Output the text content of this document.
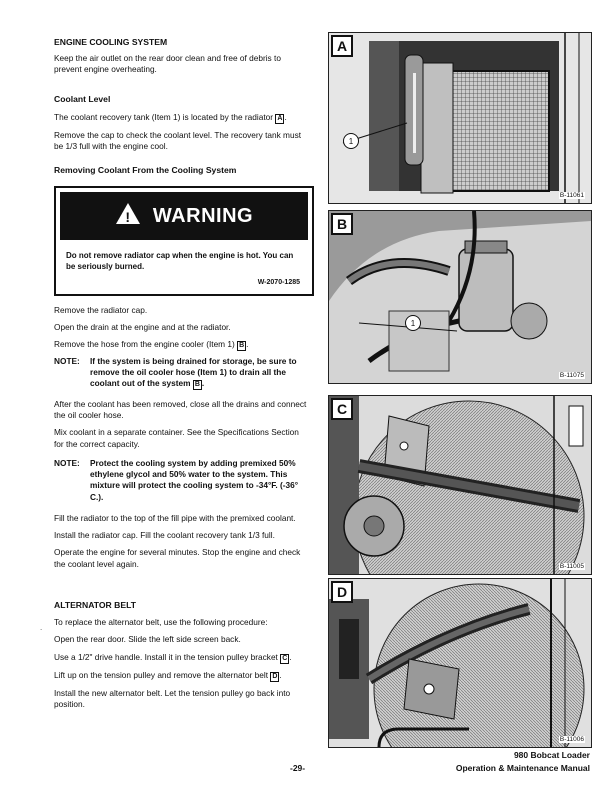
ENGINE COOLING SYSTEM

Keep the air outlet on the rear door clean and free of debris to prevent engine overheating.

Coolant Level

The coolant recovery tank (Item 1) is located by the radiator A .

Remove the cap to check the coolant level. The recovery tank must be 1/3 full with the engine cool.

Removing Coolant From the Cooling System

! WARNING
Do not remove radiator cap when the engine is hot. You can be seriously burned.
W-2070-1285

Remove the radiator cap.

Open the drain at the engine and at the radiator.

Remove the hose from the engine cooler (Item 1) B .

NOTE:	If the system is being drained for storage, be sure to remove the oil cooler hose (Item 1) to drain all the coolant out of the system B .

After the coolant has been removed, close all the drains and connect the oil cooler hose.

Mix coolant in a separate container. See the Specifications Section for the correct capacity.

NOTE:	Protect the cooling system by adding premixed 50% ethylene glycol and 50% water to the system. This mixture will protect the cooling system to -34°F. (-36° C.).

Fill the radiator to the top of the fill pipe with the premixed coolant.

Install the radiator cap. Fill the coolant recovery tank 1/3 full.

Operate the engine for several minutes. Stop the engine and check the coolant level again.

.

ALTERNATOR BELT

To replace the alternator belt, use the following procedure:

Open the rear door. Slide the left side screen back.

Use a 1/2" drive handle. Install it in the tension pulley bracket C .

Lift up on the tension pulley and remove the alternator belt D .

Install the new alternator belt. Let the tension pulley go back into position.

A
1
B-11061
B
1
B-11075
C
B-11005
D
B-11006
980 Bobcat Loader
-29-	Operation & Maintenance Manual
